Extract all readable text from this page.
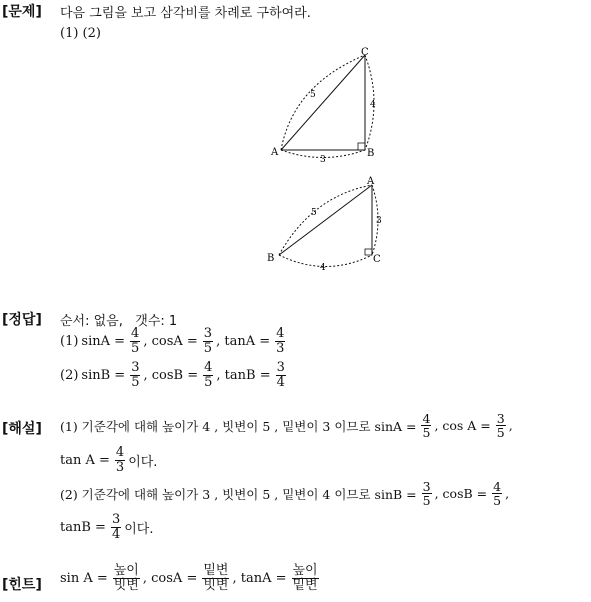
[문제] 다음 그림을 보고 삼각비를 차례로 구하여라.
(1) (2)
A	B
C
5
4
3
B
A
C
5
3
4
[정답] 순서: 없음,   갯수: 1
(1) $\sin A = \frac{4}{5}$ , $\cos A = \frac{3}{5}$ , $\tan A = \frac{4}{3}$
(2) $\sin B = \frac{3}{5}$ , $\cos B = \frac{4}{5}$ , $\tan B = \frac{3}{4}$
[해설] (1) 기준각에 대해 높이가 4 , 빗변이 5 , 밑변이 3 이므로 $\sin A = \frac{4}{5}$ , $\cos A = \frac{3}{5}$ ,
$\tan A = \frac{4}{3}$ 이다.
(2) 기준각에 대해 높이가 3 , 빗변이 5 , 밑변이 4 이므로 $\sin B = \frac{3}{5}$ , $\cos B = \frac{4}{5}$ ,
$\tan B = \frac{3}{4}$ 이다.
[힌트] $\sin A = \frac{\text{높이}}{\text{빗변}}$ , $\cos A = \frac{\text{밑변}}{\text{빗변}}$ , $\tan A = \frac{\text{높이}}{\text{밑변}}$
